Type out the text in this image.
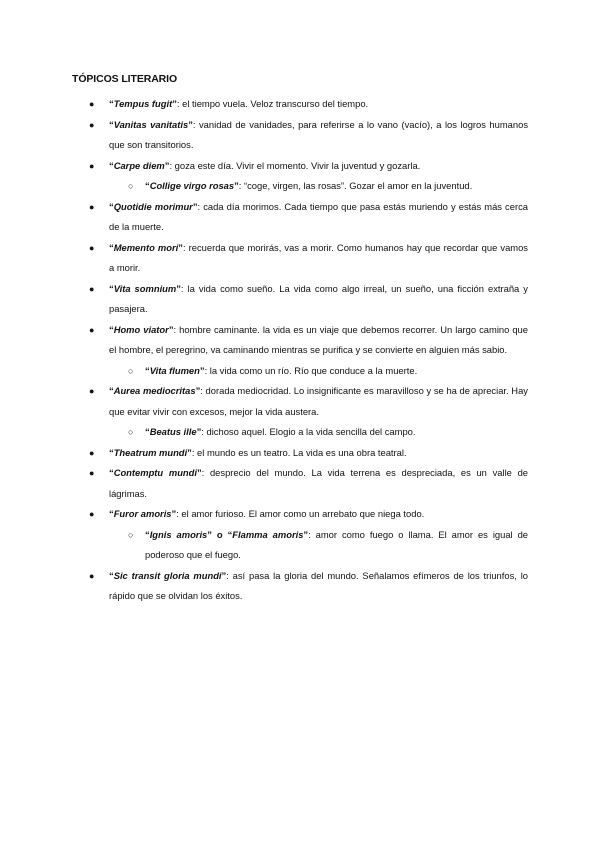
TÓPICOS LITERARIO
● “Tempus fugit”: el tiempo vuela. Veloz transcurso del tiempo.
● “Vanitas vanitatis”: vanidad de vanidades, para referirse a lo vano (vacío), a los logros humanos que son transitorios.
● “Carpe diem”: goza este día. Vivir el momento. Vivir la juventud y gozarla.
○ “Collige virgo rosas”: “coge, virgen, las rosas”. Gozar el amor en la juventud.
● “Quotidie morimur”: cada día morimos. Cada tiempo que pasa estás muriendo y estás más cerca de la muerte.
● “Memento mori”: recuerda que morirás, vas a morir. Como humanos hay que recordar que vamos a morir.
● “Vita somnium”: la vida como sueño. La vida como algo irreal, un sueño, una ficción extraña y pasajera.
● “Homo viator”: hombre caminante. la vida es un viaje que debemos recorrer. Un largo camino que el hombre, el peregrino, va caminando mientras se purifica y se convierte en alguien más sabio.
○ “Vita flumen”: la vida como un río. Río que conduce a la muerte.
● “Aurea mediocritas”: dorada mediocridad. Lo insignificante es maravilloso y se ha de apreciar. Hay que evitar vivir con excesos, mejor la vida austera.
○ “Beatus ille”: dichoso aquel. Elogio a la vida sencilla del campo.
● “Theatrum mundi”: el mundo es un teatro. La vida es una obra teatral.
● “Contemptu mundi”: desprecio del mundo. La vida terrena es despreciada, es un valle de lágrimas.
● “Furor amoris”: el amor furioso. El amor como un arrebato que niega todo.
○ “Ignis amoris” o “Flamma amoris”: amor como fuego o llama. El amor es igual de poderoso que el fuego.
● “Sic transit gloria mundi”: así pasa la gloria del mundo. Señalamos efímeros de los triunfos, lo rápido que se olvidan los éxitos.
